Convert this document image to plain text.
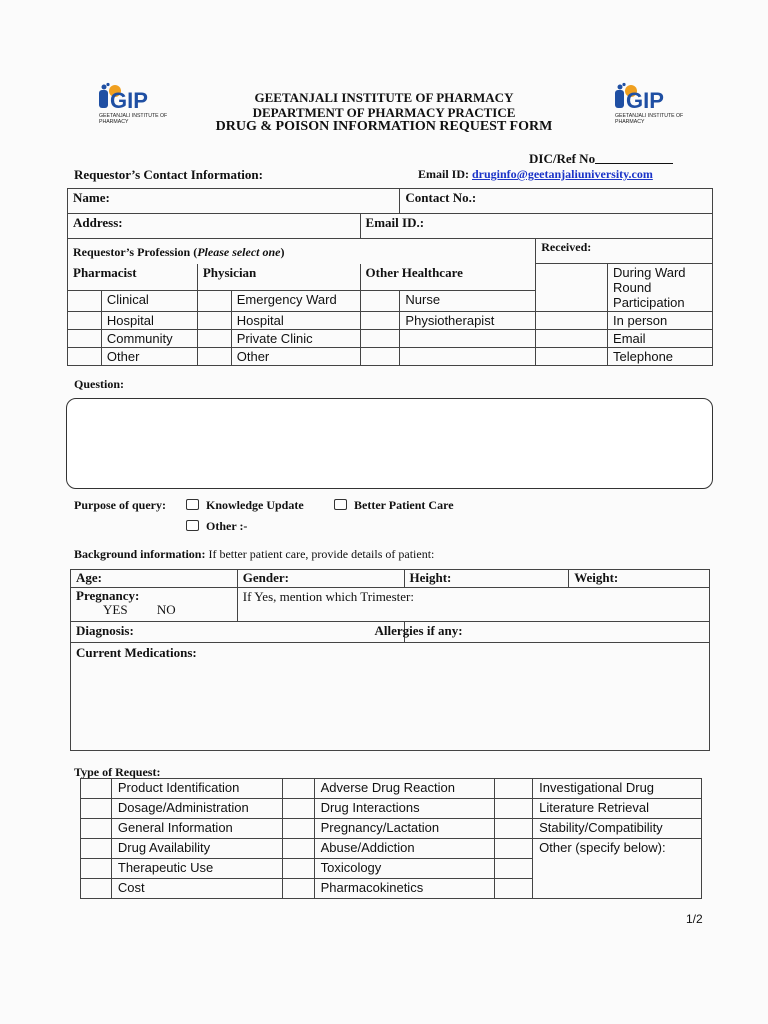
GIP
GEETANJALI INSTITUTE OF
PHARMACY
GIP
GEETANJALI INSTITUTE OF
PHARMACY
GEETANJALI INSTITUTE OF PHARMACY
DEPARTMENT OF PHARMACY PRACTICE
DRUG & POISON INFORMATION REQUEST FORM
DIC/Ref No
Requestor’s Contact Information:	Email ID: druginfo@geetanjaliuniversity.com
Name:					Contact No.:		
Address:				Email ID.:			
Requestor’s Profession (Please select one)						Received:	
Pharmacist		Physician		Other Healthcare			During Ward Round Participation
	Clinical		Emergency Ward		Nurse		
	Hospital		Hospital		Physiotherapist		In person
	Community		Private Clinic				Email
	Other		Other				Telephone
Question:
Purpose of query:	Knowledge Update	Better Patient Care
Other :-
Background information: If better patient care, provide details of patient:
Age:	Gender:	Height:	Weight:

Pregnancy:
YES NO	If Yes, mention which Trimester:
Diagnosis:	Allergies if any:
Current Medications:
Type of Request:
	Product Identification		Adverse Drug Reaction		Investigational Drug
	Dosage/Administration		Drug Interactions		Literature Retrieval
	General Information		Pregnancy/Lactation		Stability/Compatibility
	Drug Availability		Abuse/Addiction		Other (specify below):
	Therapeutic Use		Toxicology		
	Cost		Pharmacokinetics		
1/2
